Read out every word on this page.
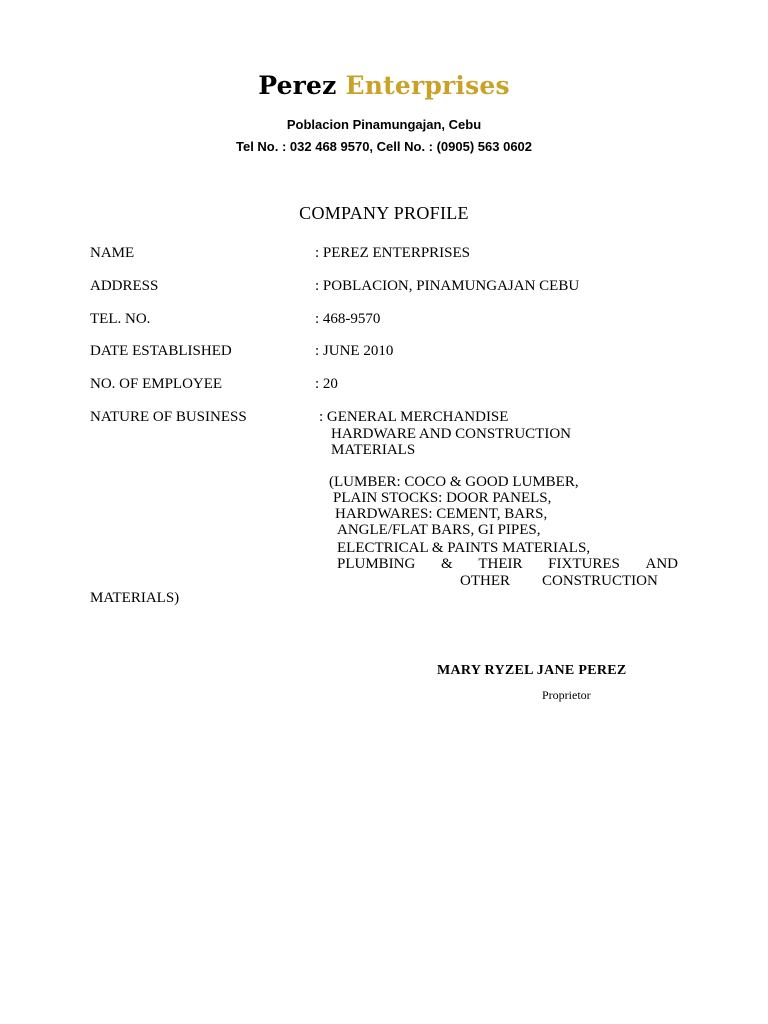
Perez Enterprises
Poblacion Pinamungajan, Cebu
Tel No. : 032 468 9570, Cell No. : (0905) 563 0602
COMPANY PROFILE
NAME	: PEREZ ENTERPRISES
ADDRESS	: POBLACION, PINAMUNGAJAN CEBU
TEL. NO.	: 468-9570
DATE ESTABLISHED	: JUNE 2010
NO. OF EMPLOYEE	: 20
NATURE OF BUSINESS	: GENERAL MERCHANDISE
HARDWARE AND CONSTRUCTION
MATERIALS
(LUMBER: COCO & GOOD LUMBER,
PLAIN STOCKS: DOOR PANELS,
HARDWARES: CEMENT, BARS,
ANGLE/FLAT BARS, GI PIPES,
ELECTRICAL & PAINTS MATERIALS,
PLUMBING & THEIR FIXTURES AND
OTHER CONSTRUCTION
MATERIALS)
MARY RYZEL JANE PEREZ
Proprietor
